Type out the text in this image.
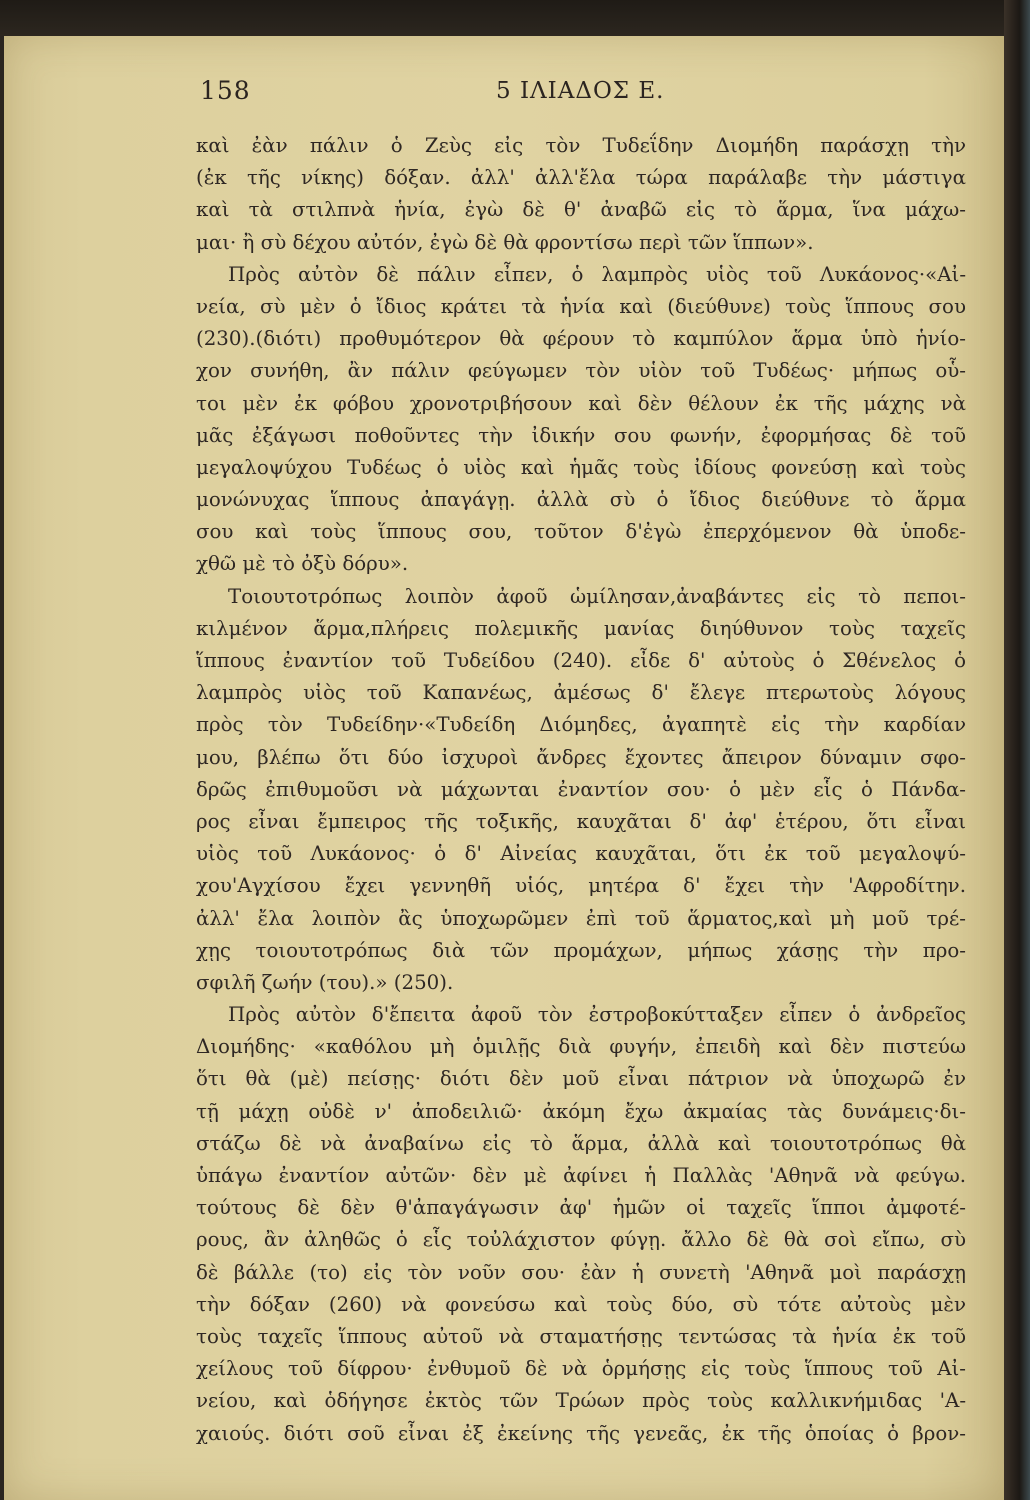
158	5 ΙΛΙΑΔΟΣ Ε.
καὶ ἐὰν πάλιν ὁ Ζεὺς εἰς τὸν Τυδεΐδην Διομήδη παράσχῃ τὴν
(ἐκ τῆς νίκης) δόξαν. ἀλλ' ἀλλ'ἔλα τώρα παράλαβε τὴν μάστιγα
καὶ τὰ στιλπνὰ ἡνία, ἐγὼ δὲ θ' ἀναβῶ εἰς τὸ ἅρμα, ἵνα μάχω-
μαι· ἢ σὺ δέχου αὐτόν, ἐγὼ δὲ θὰ φροντίσω περὶ τῶν ἵππων».
Πρὸς αὐτὸν δὲ πάλιν εἶπεν, ὁ λαμπρὸς υἱὸς τοῦ Λυκάονος·«Αἰ-
νεία, σὺ μὲν ὁ ἴδιος κράτει τὰ ἡνία καὶ (διεύθυνε) τοὺς ἵππους σου
(230).(διότι) προθυμότερον θὰ φέρουν τὸ καμπύλον ἅρμα ὑπὸ ἡνίο-
χον συνήθη, ἂν πάλιν φεύγωμεν τὸν υἱὸν τοῦ Τυδέως· μήπως οὗ-
τοι μὲν ἐκ φόβου χρονοτριβήσουν καὶ δὲν θέλουν ἐκ τῆς μάχης νὰ
μᾶς ἐξάγωσι ποθοῦντες τὴν ἰδικήν σου φωνήν, ἐφορμήσας δὲ τοῦ
μεγαλοψύχου Τυδέως ὁ υἱὸς καὶ ἡμᾶς τοὺς ἰδίους φονεύσῃ καὶ τοὺς
μονώνυχας ἵππους ἀπαγάγῃ. ἀλλὰ σὺ ὁ ἴδιος διεύθυνε τὸ ἅρμα
σου καὶ τοὺς ἵππους σου, τοῦτον δ'ἐγὼ ἐπερχόμενον θὰ ὑποδε-
χθῶ μὲ τὸ ὀξὺ δόρυ».
Τοιουτοτρόπως λοιπὸν ἀφοῦ ὡμίλησαν,ἀναβάντες εἰς τὸ πεποι-
κιλμένον ἅρμα,πλήρεις πολεμικῆς μανίας διηύθυνον τοὺς ταχεῖς
ἵππους ἐναντίον τοῦ Τυδείδου (240). εἶδε δ' αὐτοὺς ὁ Σθένελος ὁ
λαμπρὸς υἱὸς τοῦ Καπανέως, ἀμέσως δ' ἔλεγε πτερωτοὺς λόγους
πρὸς τὸν Τυδείδην·«Τυδείδη Διόμηδες, ἀγαπητὲ εἰς τὴν καρδίαν
μου, βλέπω ὅτι δύο ἰσχυροὶ ἄνδρες ἔχοντες ἄπειρον δύναμιν σφο-
δρῶς ἐπιθυμοῦσι νὰ μάχωνται ἐναντίον σου· ὁ μὲν εἷς ὁ Πάνδα-
ρος εἶναι ἔμπειρος τῆς τοξικῆς, καυχᾶται δ' ἀφ' ἑτέρου, ὅτι εἶναι
υἱὸς τοῦ Λυκάονος· ὁ δ' Αἰνείας καυχᾶται, ὅτι ἐκ τοῦ μεγαλοψύ-
χου'Αγχίσου ἔχει γεννηθῆ υἱός, μητέρα δ' ἔχει τὴν 'Αφροδίτην.
ἀλλ' ἔλα λοιπὸν ἂς ὑποχωρῶμεν ἐπὶ τοῦ ἅρματος,καὶ μὴ μοῦ τρέ-
χῃς τοιουτοτρόπως διὰ τῶν προμάχων, μήπως χάσῃς τὴν προ-
σφιλῆ ζωήν (του).» (250).
Πρὸς αὐτὸν δ'ἔπειτα ἀφοῦ τὸν ἐστροβοκύτταξεν εἶπεν ὁ ἀνδρεῖος
Διομήδης· «καθόλου μὴ ὁμιλῇς διὰ φυγήν, ἐπειδὴ καὶ δὲν πιστεύω
ὅτι θὰ (μὲ) πείσῃς· διότι δὲν μοῦ εἶναι πάτριον νὰ ὑποχωρῶ ἐν
τῇ μάχῃ οὐδὲ ν' ἀποδειλιῶ· ἀκόμη ἔχω ἀκμαίας τὰς δυνάμεις·δι-
στάζω δὲ νὰ ἀναβαίνω εἰς τὸ ἅρμα, ἀλλὰ καὶ τοιουτοτρόπως θὰ
ὑπάγω ἐναντίον αὐτῶν· δὲν μὲ ἀφίνει ἡ Παλλὰς 'Αθηνᾶ νὰ φεύγω.
τούτους δὲ δὲν θ'ἀπαγάγωσιν ἀφ' ἡμῶν οἱ ταχεῖς ἵπποι ἀμφοτέ-
ρους, ἂν ἀληθῶς ὁ εἷς τοὐλάχιστον φύγῃ. ἄλλο δὲ θὰ σοὶ εἴπω, σὺ
δὲ βάλλε (το) εἰς τὸν νοῦν σου· ἐὰν ἡ συνετὴ 'Αθηνᾶ μοὶ παράσχῃ
τὴν δόξαν (260) νὰ φονεύσω καὶ τοὺς δύο, σὺ τότε αὐτοὺς μὲν
τοὺς ταχεῖς ἵππους αὐτοῦ νὰ σταματήσῃς τεντώσας τὰ ἡνία ἐκ τοῦ
χείλους τοῦ δίφρου· ἐνθυμοῦ δὲ νὰ ὁρμήσῃς εἰς τοὺς ἵππους τοῦ Αἰ-
νείου, καὶ ὁδήγησε ἐκτὸς τῶν Τρώων πρὸς τοὺς καλλικνήμιδας 'Α-
χαιούς. διότι σοῦ εἶναι ἐξ ἐκείνης τῆς γενεᾶς, ἐκ τῆς ὁποίας ὁ βρον-
